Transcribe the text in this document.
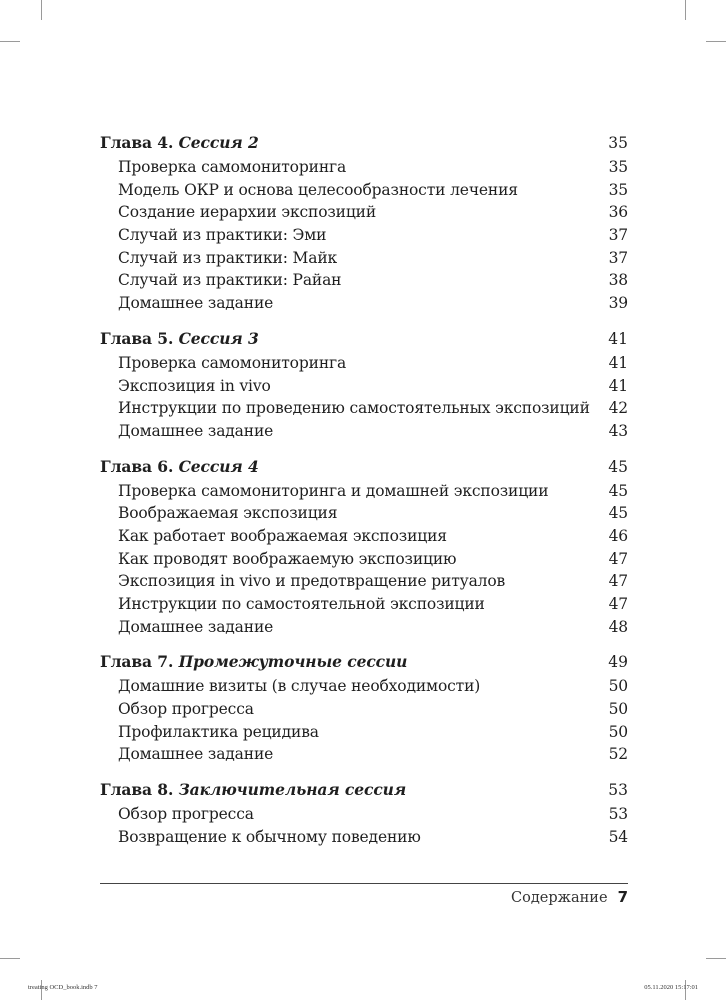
Глава 4. Сессия 2	35
Проверка самомониторинга	35
Модель ОКР и основа целесообразности лечения	35
Создание иерархии экспозиций	36
Случай из практики: Эми	37
Случай из практики: Майк	37
Случай из практики: Райан	38
Домашнее задание	39
Глава 5. Сессия 3	41
Проверка самомониторинга	41
Экспозиция in vivo	41
Инструкции по проведению самостоятельных экспозиций 42
Домашнее задание	43
Глава 6. Сессия 4	45
Проверка самомониторинга и домашней экспозиции	45
Воображаемая экспозиция	45
Как работает воображаемая экспозиция	46
Как проводят воображаемую экспозицию	47
Экспозиция in vivo и предотвращение ритуалов	47
Инструкции по самостоятельной экспозиции	47
Домашнее задание	48
Глава 7. Промежуточные сессии	49
Домашние визиты (в случае необходимости)	50
Обзор прогресса	50
Профилактика рецидива	50
Домашнее задание	52
Глава 8. Заключительная сессия	53
Обзор прогресса	53
Возвращение к обычному поведению	54
Содержание 7
treating OCD_book.indb 7	05.11.2020 15:17:01
